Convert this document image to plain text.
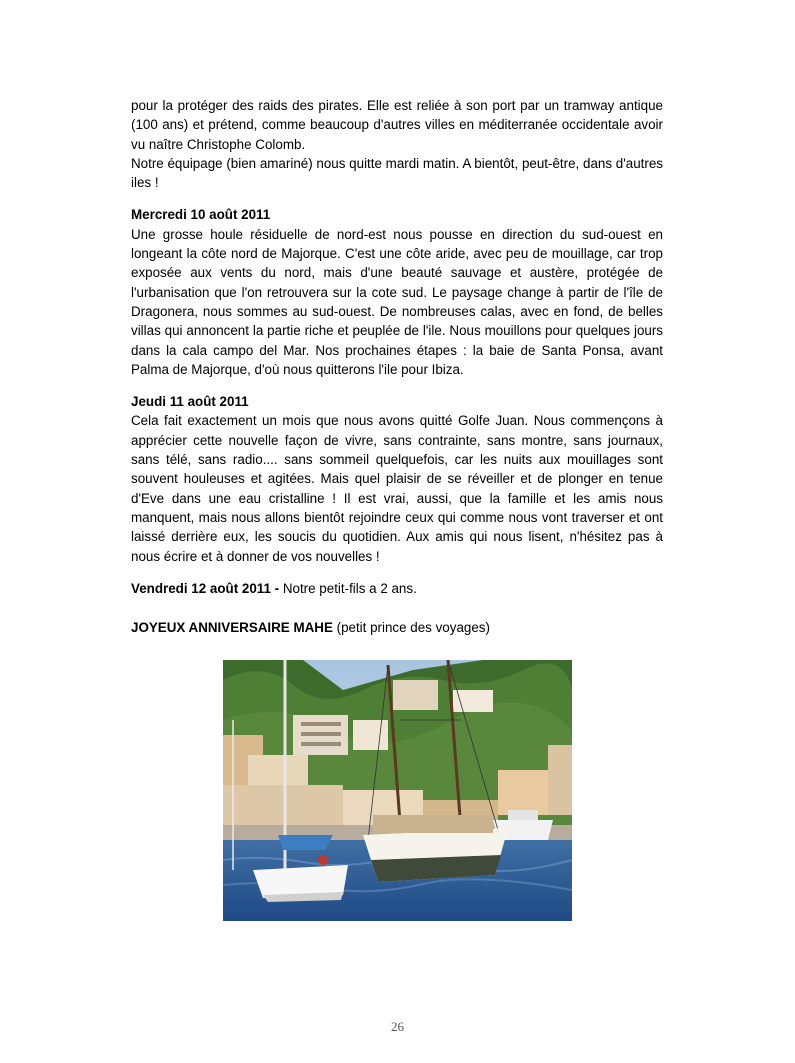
pour la protéger des raids des pirates. Elle est reliée à son port par un tramway antique (100 ans) et prétend, comme beaucoup d'autres villes en méditerranée occidentale avoir vu naître Christophe Colomb.

Notre équipage (bien amariné) nous quitte mardi matin. A bientôt, peut-être, dans d'autres iles !

Mercredi 10 août 2011

Une grosse houle résiduelle de nord-est nous pousse en direction du sud-ouest en longeant la côte nord de Majorque. C'est une côte aride, avec peu de mouillage, car trop exposée aux vents du nord, mais d'une beauté sauvage et austère, protégée de l'urbanisation que l'on retrouvera sur la cote sud. Le paysage change à partir de l'île de Dragonera, nous sommes au sud-ouest. De nombreuses calas, avec en fond, de belles villas qui annoncent la partie riche et peuplée de l'ile. Nous mouillons pour quelques jours dans la cala campo del Mar. Nos prochaines étapes : la baie de Santa Ponsa, avant Palma de Majorque, d'où nous quitterons l'ile pour Ibiza.

Jeudi 11 août 2011

Cela fait exactement un mois que nous avons quitté Golfe Juan. Nous commençons à apprécier cette nouvelle façon de vivre, sans contrainte, sans montre, sans journaux, sans télé, sans radio.... sans sommeil quelquefois, car les nuits aux mouillages sont souvent houleuses et agitées. Mais quel plaisir de se réveiller et de plonger en tenue d'Eve dans une eau cristalline ! Il est vrai, aussi, que la famille et les amis nous manquent, mais nous allons bientôt rejoindre ceux qui comme nous vont traverser et ont laissé derrière eux, les soucis du quotidien. Aux amis qui nous lisent, n'hésitez pas à nous écrire et à donner de vos nouvelles !

Vendredi 12 août 2011 - Notre petit-fils a 2 ans.

JOYEUX ANNIVERSAIRE MAHE (petit prince des voyages)

26
